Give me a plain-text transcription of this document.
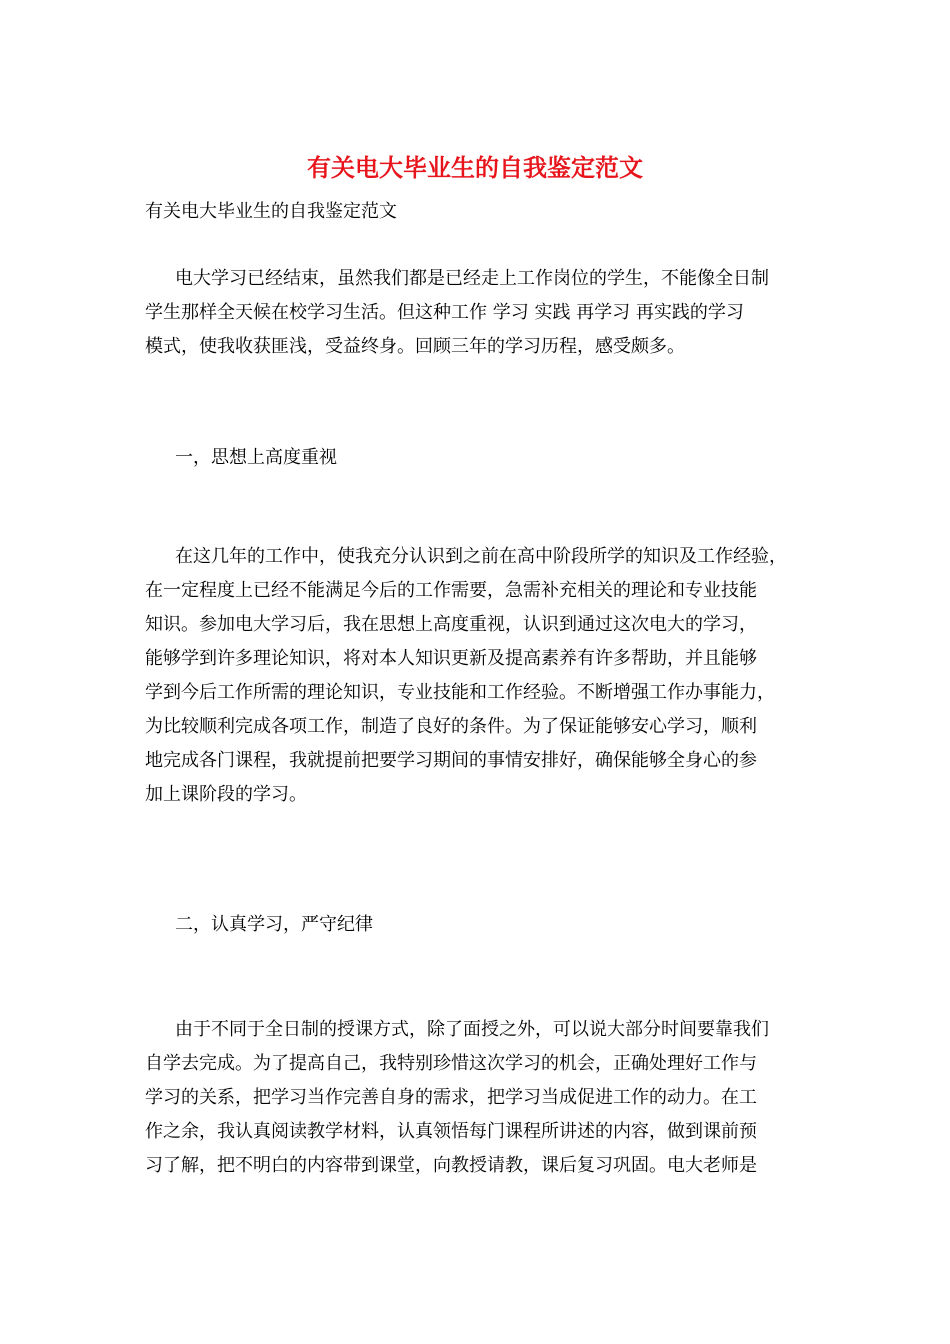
有关电大毕业生的自我鉴定范文

有关电大毕业生的自我鉴定范文

电大学习已经结束，虽然我们都是已经走上工作岗位的学生，不能像全日制
学生那样全天候在校学习生活。但这种工作 学习 实践 再学习 再实践的学习
模式，使我收获匪浅，受益终身。回顾三年的学习历程，感受颇多。

一，思想上高度重视

在这几年的工作中，使我充分认识到之前在高中阶段所学的知识及工作经验，
在一定程度上已经不能满足今后的工作需要，急需补充相关的理论和专业技能
知识。参加电大学习后，我在思想上高度重视，认识到通过这次电大的学习，
能够学到许多理论知识，将对本人知识更新及提高素养有许多帮助，并且能够
学到今后工作所需的理论知识，专业技能和工作经验。不断增强工作办事能力，
为比较顺利完成各项工作，制造了良好的条件。为了保证能够安心学习，顺利
地完成各门课程，我就提前把要学习期间的事情安排好，确保能够全身心的参
加上课阶段的学习。

二，认真学习，严守纪律

由于不同于全日制的授课方式，除了面授之外，可以说大部分时间要靠我们
自学去完成。为了提高自己，我特别珍惜这次学习的机会，正确处理好工作与
学习的关系，把学习当作完善自身的需求，把学习当成促进工作的动力。在工
作之余，我认真阅读教学材料，认真领悟每门课程所讲述的内容，做到课前预
习了解，把不明白的内容带到课堂，向教授请教，课后复习巩固。电大老师是
